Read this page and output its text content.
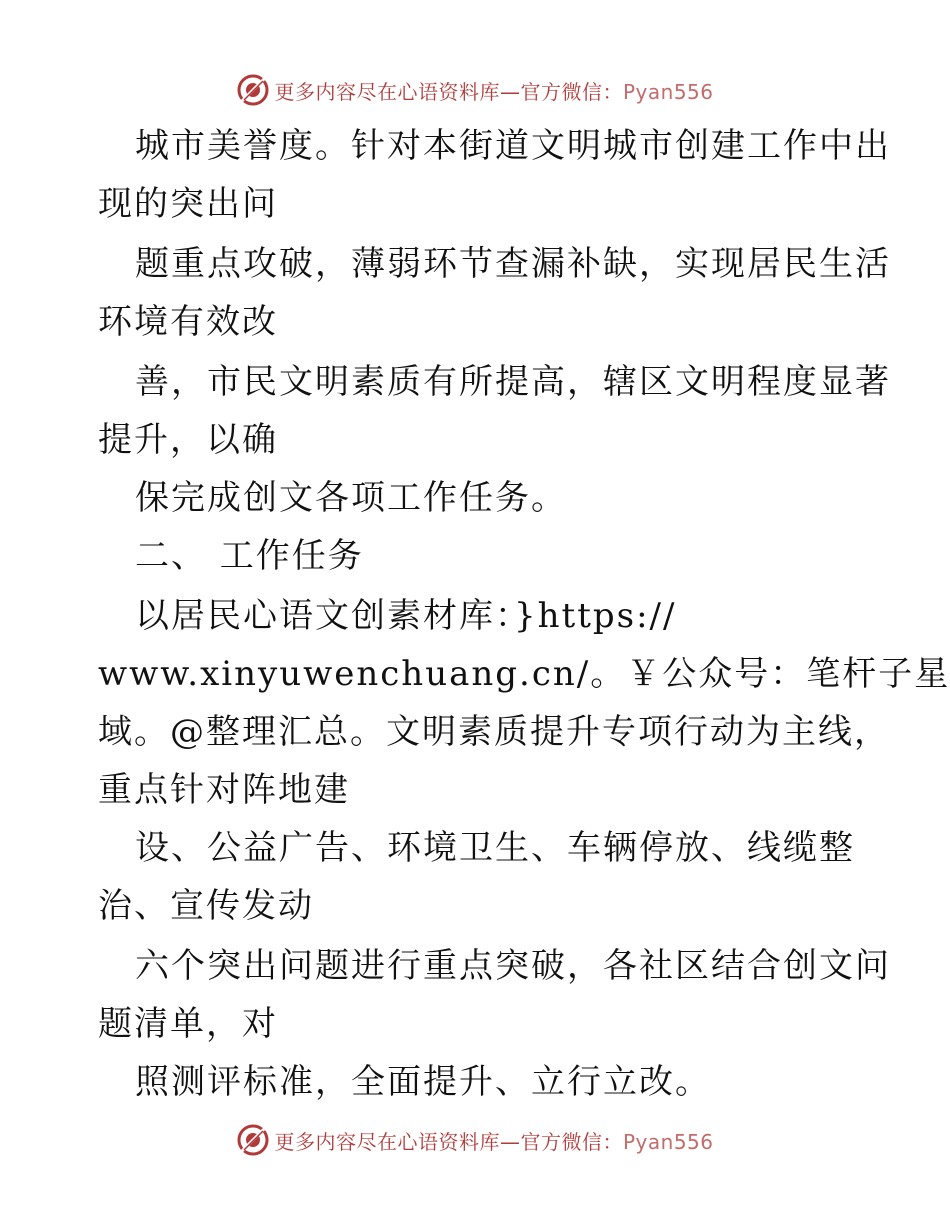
更多内容尽在心语资料库—官方微信：Pyan556
城市美誉度。针对本街道文明城市创建工作中出
现的突出问
题重点攻破，薄弱环节查漏补缺，实现居民生活
环境有效改
善，市民文明素质有所提高，辖区文明程度显著
提升，以确
保完成创文各项工作任务。
二、 工作任务
以居民心语文创素材库：}https://
www.xinyuwenchuang.cn/。￥公众号：笔杆子星
域。@整理汇总。文明素质提升专项行动为主线，
重点针对阵地建
设、公益广告、环境卫生、车辆停放、线缆整
治、宣传发动
六个突出问题进行重点突破，各社区结合创文问
题清单，对
照测评标准，全面提升、立行立改。
更多内容尽在心语资料库—官方微信：Pyan556
